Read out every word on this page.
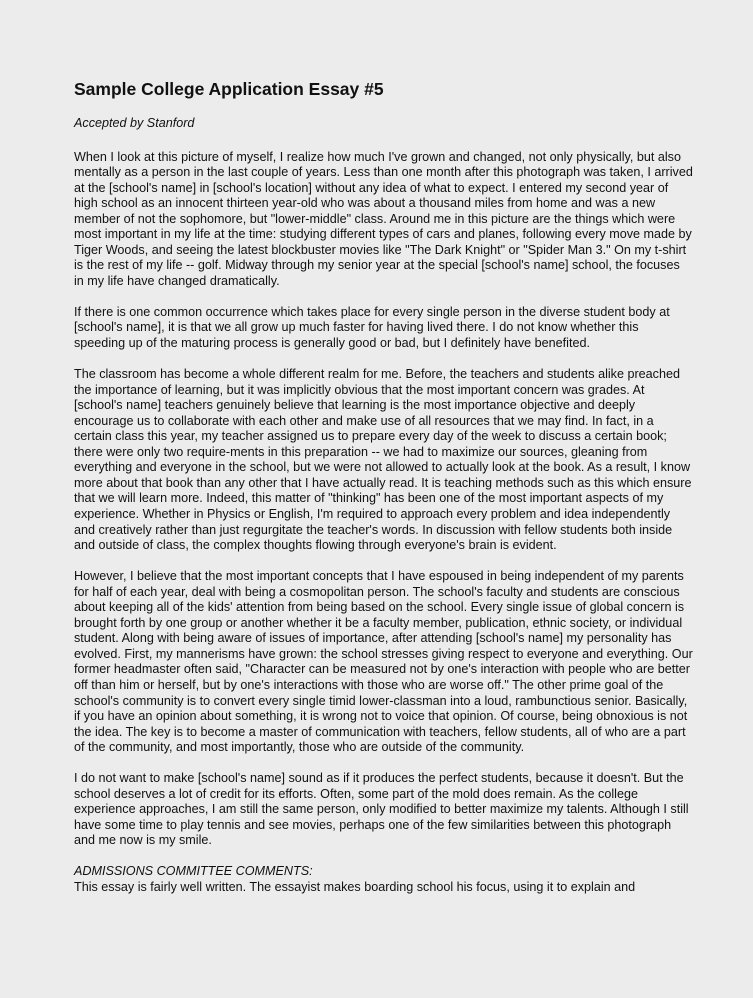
Sample College Application Essay #5

Accepted by Stanford

When I look at this picture of myself, I realize how much I've grown and changed, not only physically, but also mentally as a person in the last couple of years. Less than one month after this photograph was taken, I arrived at the [school's name] in [school's location] without any idea of what to expect. I entered my second year of high school as an innocent thirteen year-old who was about a thousand miles from home and was a new member of not the sophomore, but "lower-middle" class. Around me in this picture are the things which were most important in my life at the time: studying different types of cars and planes, following every move made by Tiger Woods, and seeing the latest blockbuster movies like "The Dark Knight" or "Spider Man 3." On my t-shirt is the rest of my life -- golf. Midway through my senior year at the special [school's name] school, the focuses in my life have changed dramatically.

If there is one common occurrence which takes place for every single person in the diverse student body at [school's name], it is that we all grow up much faster for having lived there. I do not know whether this speeding up of the maturing process is generally good or bad, but I definitely have benefited.

The classroom has become a whole different realm for me. Before, the teachers and students alike preached the importance of learning, but it was implicitly obvious that the most important concern was grades. At [school's name] teachers genuinely believe that learning is the most importance objective and deeply encourage us to collaborate with each other and make use of all resources that we may find. In fact, in a certain class this year, my teacher assigned us to prepare every day of the week to discuss a certain book; there were only two require-ments in this preparation -- we had to maximize our sources, gleaning from everything and everyone in the school, but we were not allowed to actually look at the book. As a result, I know more about that book than any other that I have actually read. It is teaching methods such as this which ensure that we will learn more. Indeed, this matter of "thinking" has been one of the most important aspects of my experience. Whether in Physics or English, I'm required to approach every problem and idea independently and creatively rather than just regurgitate the teacher's words. In discussion with fellow students both inside and outside of class, the complex thoughts flowing through everyone's brain is evident.

However, I believe that the most important concepts that I have espoused in being independent of my parents for half of each year, deal with being a cosmopolitan person. The school's faculty and students are conscious about keeping all of the kids' attention from being based on the school. Every single issue of global concern is brought forth by one group or another whether it be a faculty member, publication, ethnic society, or individual student. Along with being aware of issues of importance, after attending [school's name] my personality has evolved. First, my mannerisms have grown: the school stresses giving respect to everyone and everything. Our former headmaster often said, "Character can be measured not by one's interaction with people who are better off than him or herself, but by one's interactions with those who are worse off." The other prime goal of the school's community is to convert every single timid lower-classman into a loud, rambunctious senior. Basically, if you have an opinion about something, it is wrong not to voice that opinion. Of course, being obnoxious is not the idea. The key is to become a master of communication with teachers, fellow students, all of who are a part of the community, and most importantly, those who are outside of the community.

I do not want to make [school's name] sound as if it produces the perfect students, because it doesn't. But the school deserves a lot of credit for its efforts. Often, some part of the mold does remain. As the college experience approaches, I am still the same person, only modified to better maximize my talents. Although I still have some time to play tennis and see movies, perhaps one of the few similarities between this photograph and me now is my smile.

ADMISSIONS COMMITTEE COMMENTS:

This essay is fairly well written. The essayist makes boarding school his focus, using it to explain and
